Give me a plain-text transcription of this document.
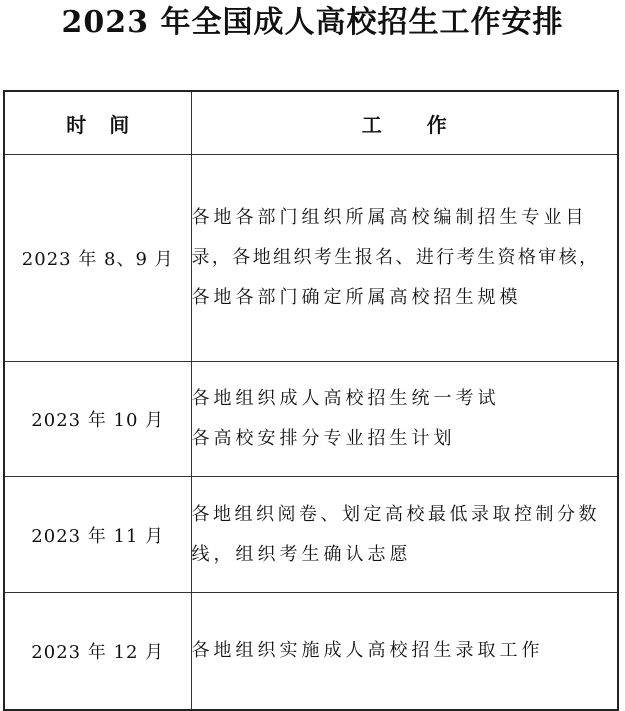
2023 年全国成人高校招生工作安排
时 间	工 作
2023 年 8、9 月	各地各部门组织所属高校编制招生专业目
录，各地组织考生报名、进行考生资格审核，
各地各部门确定所属高校招生规模

2023 年 10 月	各地组织成人高校招生统一考试
各高校安排分专业招生计划

2023 年 11 月	各地组织阅卷、划定高校最低录取控制分数
线，组织考生确认志愿

2023 年 12 月	各地组织实施成人高校招生录取工作
